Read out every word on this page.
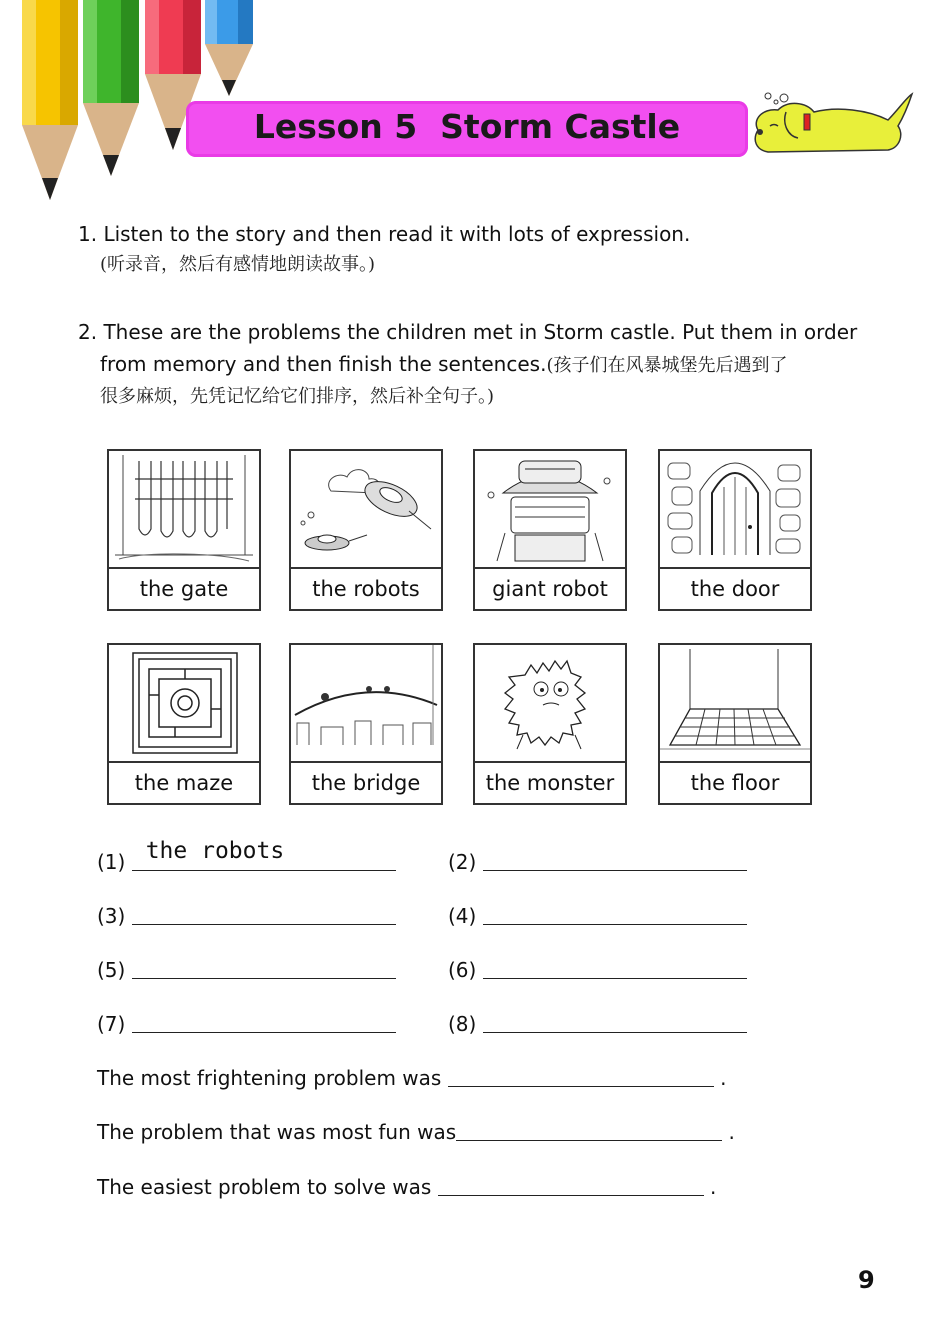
Lesson 5  Storm Castle
1. Listen to the story and then read it with lots of expression.
(听录音，然后有感情地朗读故事。)
2. These are the problems the children met in Storm castle. Put them in order
from memory and then finish the sentences.(孩子们在风暴城堡先后遇到了
很多麻烦，先凭记忆给它们排序，然后补全句子。)
the gate	the robots	giant robot	the door
the maze	the bridge	the monster	the floor
(1) the robots	(2)
(3)	(4)
(5)	(6)
(7)	(8)
The most frightening problem was	.
The problem that was most fun was	.
The easiest problem to solve was	.
9
